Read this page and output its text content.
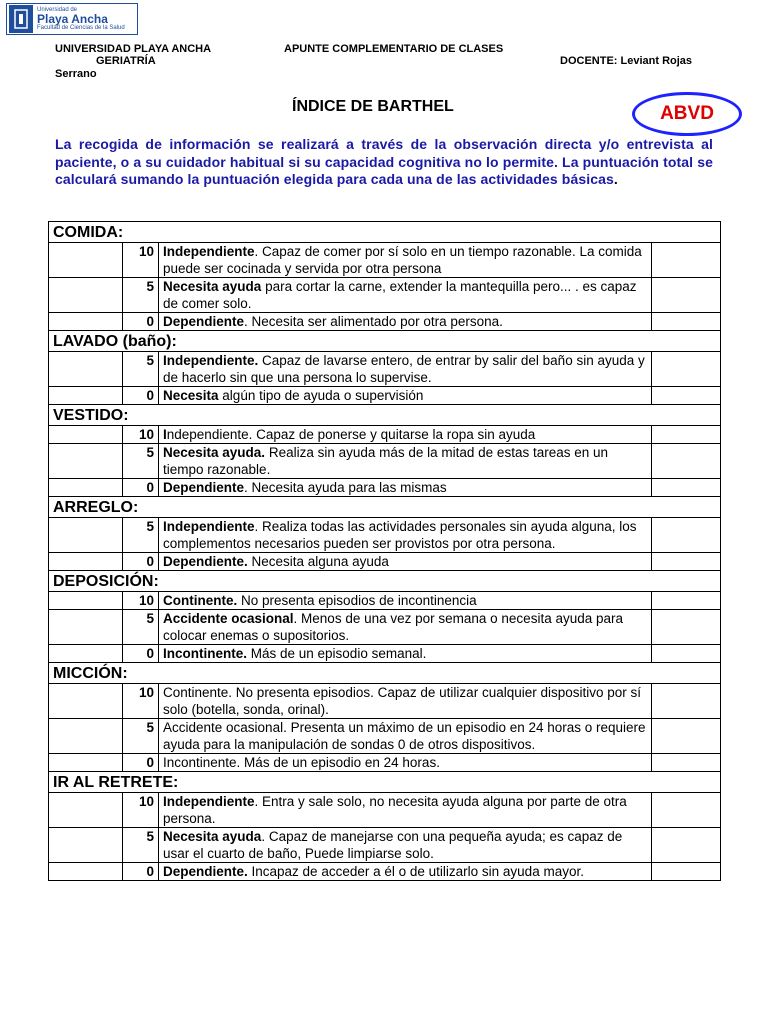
Universidad de
Playa Ancha
Facultad de Ciencias de la Salud
UNIVERSIDAD PLAYA ANCHA
GERIATRÍA
Serrano
APUNTE COMPLEMENTARIO DE CLASES
DOCENTE: Leviant Rojas
ÍNDICE DE BARTHEL	ABVD
La recogida de información se realizará a través de la observación directa y/o entrevista al paciente, o a su cuidador habitual si su capacidad cognitiva no lo permite. La puntuación total se calculará sumando la puntuación elegida para cada una de las actividades básicas.
COMIDA:			
	10	Independiente. Capaz de comer por sí solo en un tiempo razonable. La comida puede ser cocinada y servida por otra persona	
	5	Necesita ayuda para cortar la carne, extender la mantequilla pero... . es capaz de comer solo.	
	0	Dependiente. Necesita ser alimentado por otra persona.	
LAVADO (baño):			
	5	Independiente. Capaz de lavarse entero, de entrar by salir del baño sin ayuda y de hacerlo sin que una persona lo supervise.	
	0	Necesita algún tipo de ayuda o supervisión	
VESTIDO:			
	10	Independiente. Capaz de ponerse y quitarse la ropa sin ayuda	
	5	Necesita ayuda. Realiza sin ayuda más de la mitad de estas tareas en un tiempo razonable.	
	0	Dependiente. Necesita ayuda para las mismas	
ARREGLO:			
	5	Independiente. Realiza todas las actividades personales sin ayuda alguna, los complementos necesarios pueden ser provistos por otra persona.	
	0	Dependiente. Necesita alguna ayuda	
DEPOSICIÓN:			
	10	Continente. No presenta episodios de incontinencia	
	5	Accidente ocasional. Menos de una vez por semana o necesita ayuda para colocar enemas o supositorios.	
	0	Incontinente. Más de un episodio semanal.	
MICCIÓN:			
	10	Continente. No presenta episodios. Capaz de utilizar cualquier dispositivo por sí solo (botella, sonda, orinal).	
	5	Accidente ocasional. Presenta un máximo de un episodio en 24 horas o requiere ayuda para la manipulación de sondas 0 de otros dispositivos.	
	0	Incontinente. Más de un episodio en 24 horas.	
IR AL RETRETE:			
	10	Independiente. Entra y sale solo, no necesita ayuda alguna por parte de otra persona.	
	5	Necesita ayuda. Capaz de manejarse con una pequeña ayuda; es capaz de usar el cuarto de baño, Puede limpiarse solo.	
	0	Dependiente. Incapaz de acceder a él o de utilizarlo sin ayuda mayor.	
